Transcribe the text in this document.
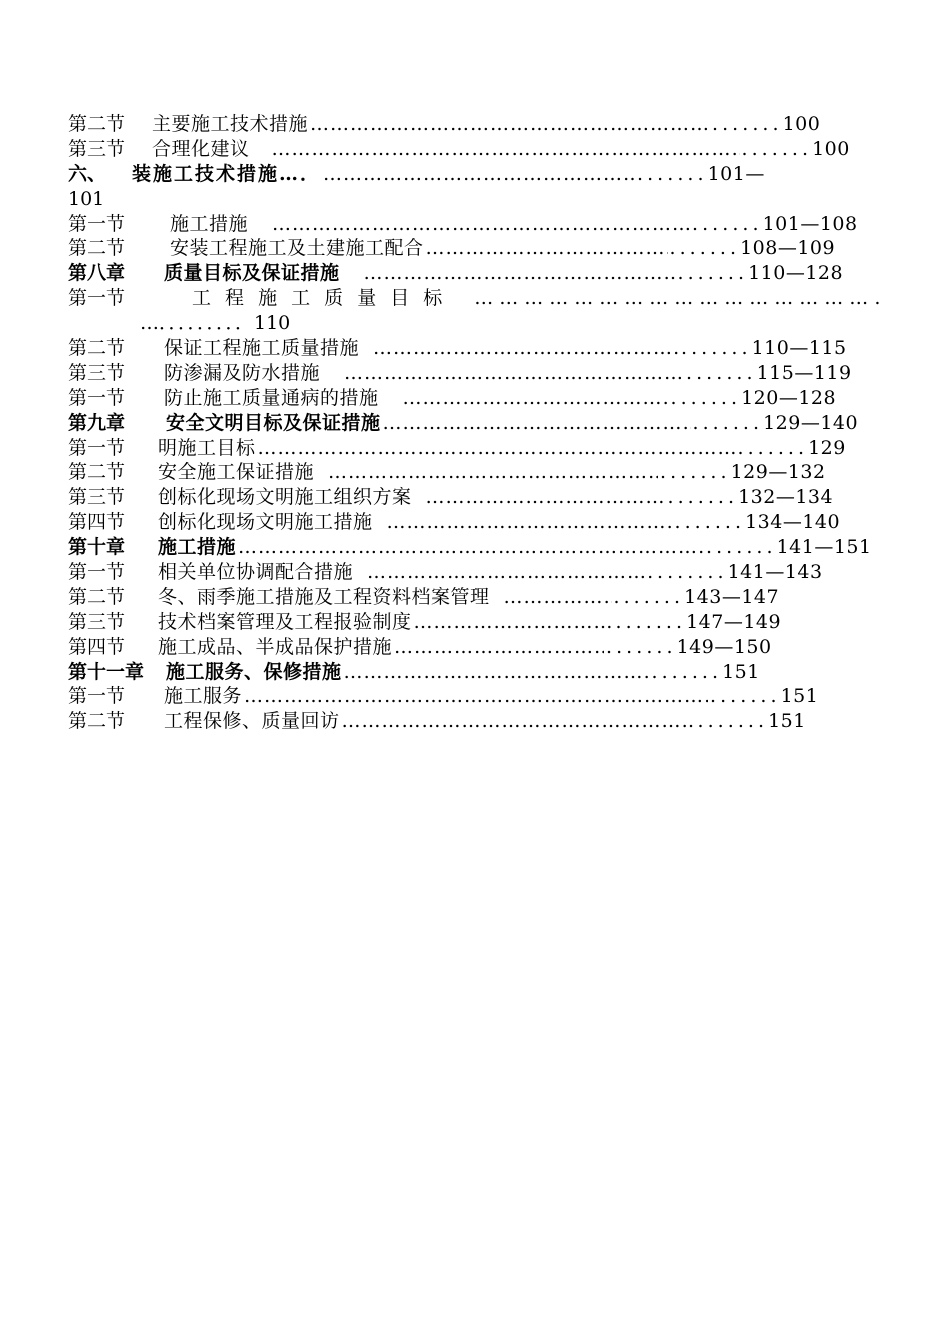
第二节	主要施工技术措施 ……………………………………………………………………………………………………………………………………………………………………………………………………………	. . . 100
第三节	合理化建议 ……………………………………………………………………………………………………………………………………………………………………………………………………………	. . . 100
六、	装施工技术措施…． ……………………………………………………………………………………………………………………………………………………………………………………………………………	. . . 101—
101
第一节	施工措施 ……………………………………………………………………………………………………………………………………………………………………………………………………………	. . . 101—108
第二节	安装工程施工及土建施工配合 ……………………………………………………………………………………………………………………………………………………………………………………………………………	. . . 108—109
第八章	质量目标及保证措施 ……………………………………………………………………………………………………………………………………………………………………………………………………………	. . . 110—128
第一节	工 程 施 工 质 量 目 标
……………………………………………………………………………………………………………………………………………………………………………………………………………
…．．．．．．．．．110
第二节	保证工程施工质量措施 ……………………………………………………………………………………………………………………………………………………………………………………………………………	. . . 110—115
第三节	防渗漏及防水措施 ……………………………………………………………………………………………………………………………………………………………………………………………………………	. . . 115—119
第一节	防止施工质量通病的措施 ……………………………………………………………………………………………………………………………………………………………………………………………………………	. . . 120—128
第九章	安全文明目标及保证措施 ……………………………………………………………………………………………………………………………………………………………………………………………………………	. . . 129—140
第一节	明施工目标 ……………………………………………………………………………………………………………………………………………………………………………………………………………	. . . 129
第二节	安全施工保证措施 ……………………………………………………………………………………………………………………………………………………………………………………………………………	. . . 129—132
第三节	创标化现场文明施工组织方案 ……………………………………………………………………………………………………………………………………………………………………………………………………………	. . . 132—134
第四节	创标化现场文明施工措施 ……………………………………………………………………………………………………………………………………………………………………………………………………………	. . . 134—140
第十章	施工措施 ……………………………………………………………………………………………………………………………………………………………………………………………………………	. . . 141—151
第一节	相关单位协调配合措施 ……………………………………………………………………………………………………………………………………………………………………………………………………………	. . . 141—143
第二节	冬、雨季施工措施及工程资料档案管理 ……………………………………………………………………………………………………………………………………………………………………………………………………………	. . . 143—147
第三节	技术档案管理及工程报验制度 ……………………………………………………………………………………………………………………………………………………………………………………………………………	. . . 147—149
第四节	施工成品、半成品保护措施 ……………………………………………………………………………………………………………………………………………………………………………………………………………	. . . 149—150
第十一章	施工服务、保修措施 ……………………………………………………………………………………………………………………………………………………………………………………………………………	. . . 151
第一节	施工服务 ……………………………………………………………………………………………………………………………………………………………………………………………………………	. . . 151
第二节	工程保修、质量回访 ……………………………………………………………………………………………………………………………………………………………………………………………………………	. . . 151
